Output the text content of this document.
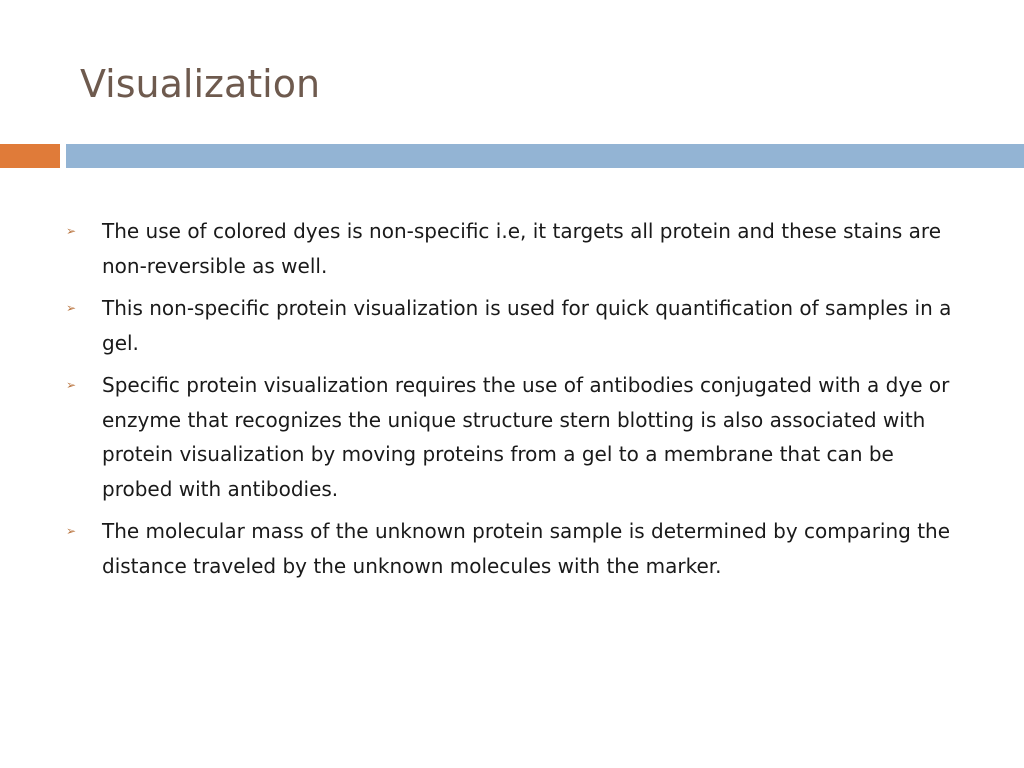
Visualization
➢ The use of colored dyes is non-specific i.e, it targets all protein and these stains are non-reversible as well.
➢ This non-specific protein visualization is used for quick quantification of samples in a gel.
➢ Specific protein visualization requires the use of antibodies conjugated with a dye or enzyme that recognizes the unique structure stern blotting is also associated with protein visualization by moving proteins from a gel to a membrane that can be probed with antibodies.
➢ The molecular mass of the unknown protein sample is determined by comparing the distance traveled by the unknown molecules with the marker.
